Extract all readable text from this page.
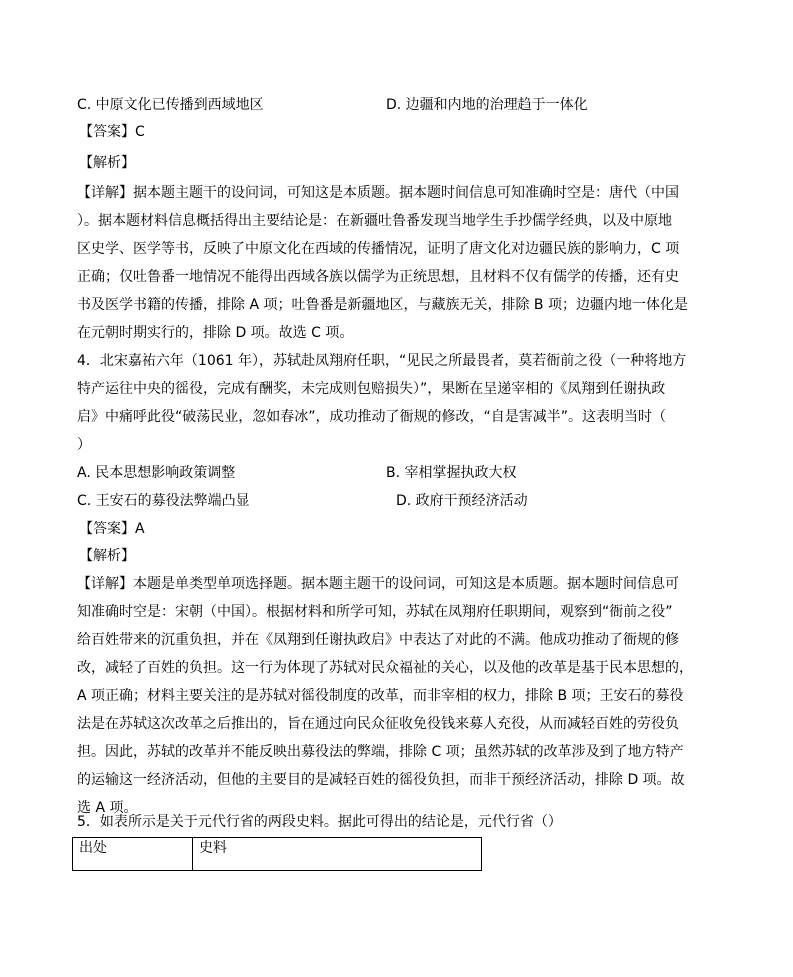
C. 中原文化已传播到西域地区	D. 边疆和内地的治理趋于一体化
【答案】C
【解析】
【详解】据本题主题干的设问词，可知这是本质题。据本题时间信息可知准确时空是：唐代（中国
）。据本题材料信息概括得出主要结论是：在新疆吐鲁番发现当地学生手抄儒学经典，以及中原地
区史学、医学等书，反映了中原文化在西域的传播情况，证明了唐文化对边疆民族的影响力，C 项
正确；仅吐鲁番一地情况不能得出西域各族以儒学为正统思想，且材料不仅有儒学的传播，还有史
书及医学书籍的传播，排除 A 项；吐鲁番是新疆地区，与藏族无关，排除 B 项；边疆内地一体化是
在元朝时期实行的，排除 D 项。故选 C 项。
4．北宋嘉祐六年（1061 年），苏轼赴凤翔府任职，“见民之所最畏者，莫若衙前之役（一种将地方
特产运往中央的徭役，完成有酬奖，未完成则包赔损失）”，果断在呈递宰相的《凤翔到任谢执政
启》中痛呼此役“破荡民业，忽如春冰”，成功推动了衙规的修改，“自是害减半”。这表明当时（
）
A. 民本思想影响政策调整	B. 宰相掌握执政大权
C. 王安石的募役法弊端凸显	D. 政府干预经济活动
【答案】A
【解析】
【详解】本题是单类型单项选择题。据本题主题干的设问词，可知这是本质题。据本题时间信息可
知准确时空是：宋朝（中国）。根据材料和所学可知，苏轼在凤翔府任职期间，观察到“衙前之役”
给百姓带来的沉重负担，并在《凤翔到任谢执政启》中表达了对此的不满。他成功推动了衙规的修
改，减轻了百姓的负担。这一行为体现了苏轼对民众福祉的关心，以及他的改革是基于民本思想的，
A 项正确；材料主要关注的是苏轼对徭役制度的改革，而非宰相的权力，排除 B 项；王安石的募役
法是在苏轼这次改革之后推出的，旨在通过向民众征收免役钱来募人充役，从而减轻百姓的劳役负
担。因此，苏轼的改革并不能反映出募役法的弊端，排除 C 项；虽然苏轼的改革涉及到了地方特产
的运输这一经济活动，但他的主要目的是减轻百姓的徭役负担，而非干预经济活动，排除 D 项。故
选 A 项。
5．如表所示是关于元代行省的两段史料。据此可得出的结论是，元代行省（）
出处	史料
